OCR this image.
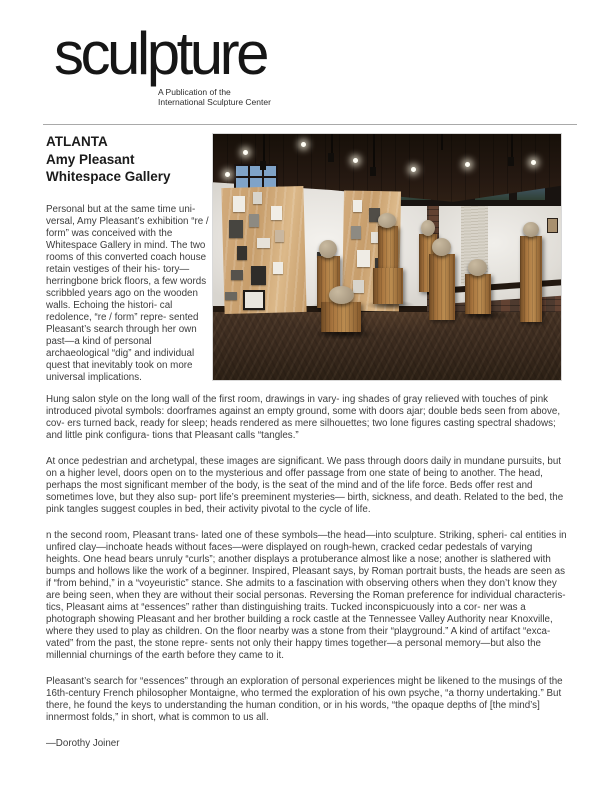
sculpture
A Publication of the
International Sculpture Center
ATLANTA
Amy Pleasant
Whitespace Gallery
Personal but at the same time uni- versal, Amy Pleasant’s exhibition “re / form” was conceived with the Whitespace Gallery in mind. The two rooms of this converted coach house retain vestiges of their his- tory—herringbone brick floors, a few words scribbled years ago on the wooden walls. Echoing the histori- cal redolence, “re / form” repre- sented Pleasant’s search through her own past—a kind of personal archaeological “dig” and individual quest that inevitably took on more universal implications.

Hung salon style on the long wall of the first room, drawings in vary- ing shades of gray relieved with touches of pink introduced pivotal symbols: doorframes against an empty ground, some with doors ajar; double beds seen from above, cov- ers turned back, ready for sleep; heads rendered as mere silhouettes; two lone figures casting spectral shadows; and little pink configura- tions that Pleasant calls “tangles.”

At once pedestrian and archetypal, these images are significant. We pass through doors daily in mundane pursuits, but on a higher level, doors open on to the mysterious and offer passage from one state of being to another. The head, perhaps the most significant member of the body, is the seat of the mind and of the life force. Beds offer rest and sometimes love, but they also sup- port life’s preeminent mysteries— birth, sickness, and death. Related to the bed, the pink tangles suggest couples in bed, their activity pivotal to the cycle of life.

n the second room, Pleasant trans- lated one of these symbols—the head—into sculpture. Striking, spheri- cal entities in unfired clay—inchoate heads without faces—were displayed on rough-hewn, cracked cedar pedestals of varying heights. One head bears unruly “curls”; another displays a protuberance almost like a nose; another is slathered with bumps and hollows like the work of a beginner. Inspired, Pleasant says, by Roman portrait busts, the heads are seen as if “from behind,” in a “voyeuristic” stance. She admits to a fascination with observing others when they don’t know they are being seen, when they are without their social personas. Reversing the Roman preference for individual characteris- tics, Pleasant aims at “essences” rather than distinguishing traits. Tucked inconspicuously into a cor- ner was a photograph showing Pleasant and her brother building a rock castle at the Tennessee Valley Authority near Knoxville, where they used to play as children. On the floor nearby was a stone from their “playground.” A kind of artifact “exca- vated” from the past, the stone repre- sents not only their happy times together—a personal memory—but also the millennial churnings of the earth before they came to it.

Pleasant’s search for “essences” through an exploration of personal experiences might be likened to the musings of the 16th-century French philosopher Montaigne, who termed the exploration of his own psyche, “a thorny undertaking.” But there, he found the keys to understanding the human condition, or in his words, “the opaque depths of [the mind’s] innermost folds,” in short, what is common to us all.

—Dorothy Joiner
